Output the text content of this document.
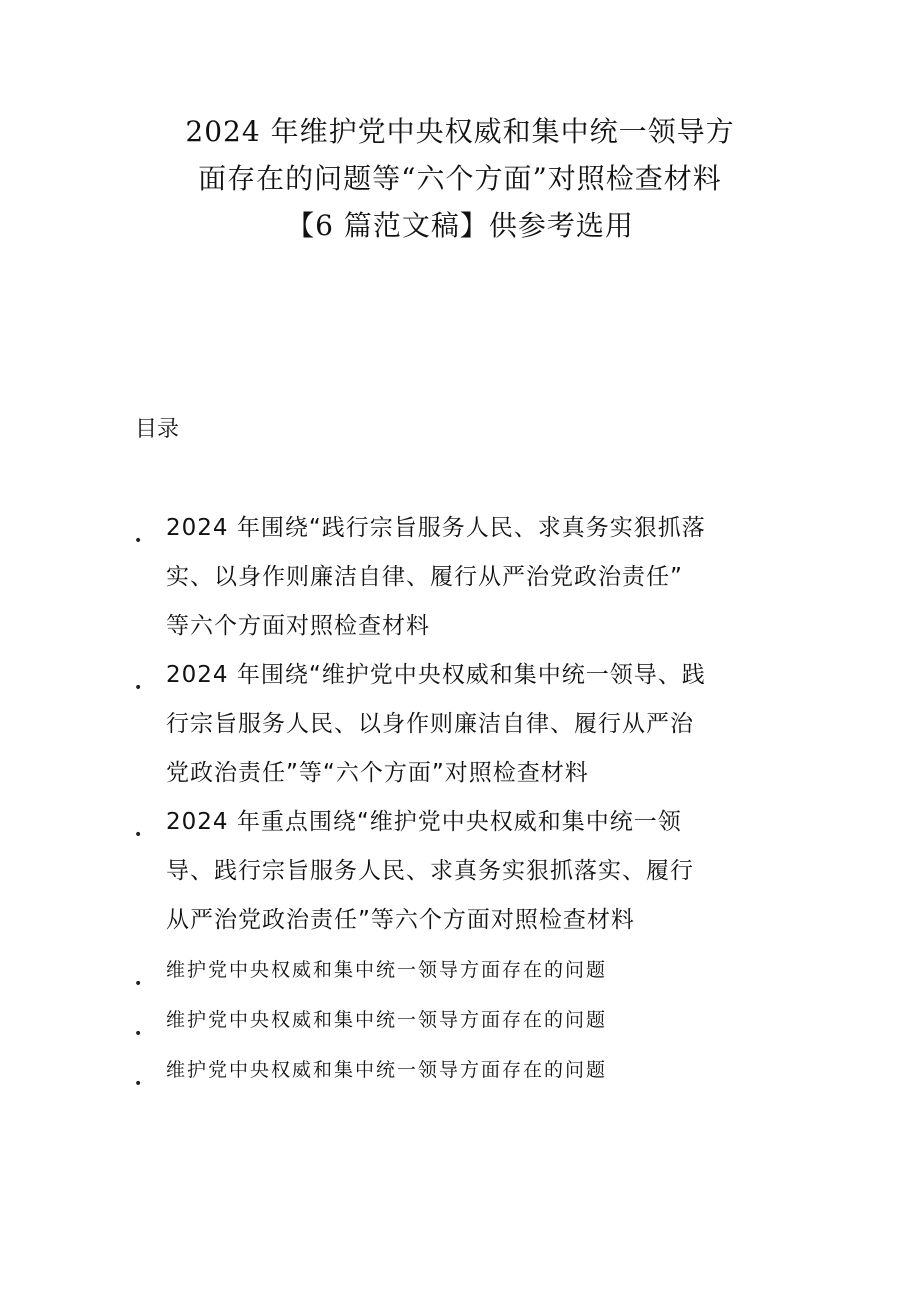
2024 年维护党中央权威和集中统一领导方
面存在的问题等“六个方面”对照检查材料
【6 篇范文稿】供参考选用
目录
• 2024 年围绕“践行宗旨服务人民、求真务实狠抓落
实、以身作则廉洁自律、履行从严治党政治责任”
等六个方面对照检查材料
• 2024 年围绕“维护党中央权威和集中统一领导、践
行宗旨服务人民、以身作则廉洁自律、履行从严治
党政治责任”等“六个方面”对照检查材料
• 2024 年重点围绕“维护党中央权威和集中统一领
导、践行宗旨服务人民、求真务实狠抓落实、履行
从严治党政治责任”等六个方面对照检查材料
•
维护党中央权威和集中统一领导方面存在的问题
•
维护党中央权威和集中统一领导方面存在的问题
•
维护党中央权威和集中统一领导方面存在的问题
